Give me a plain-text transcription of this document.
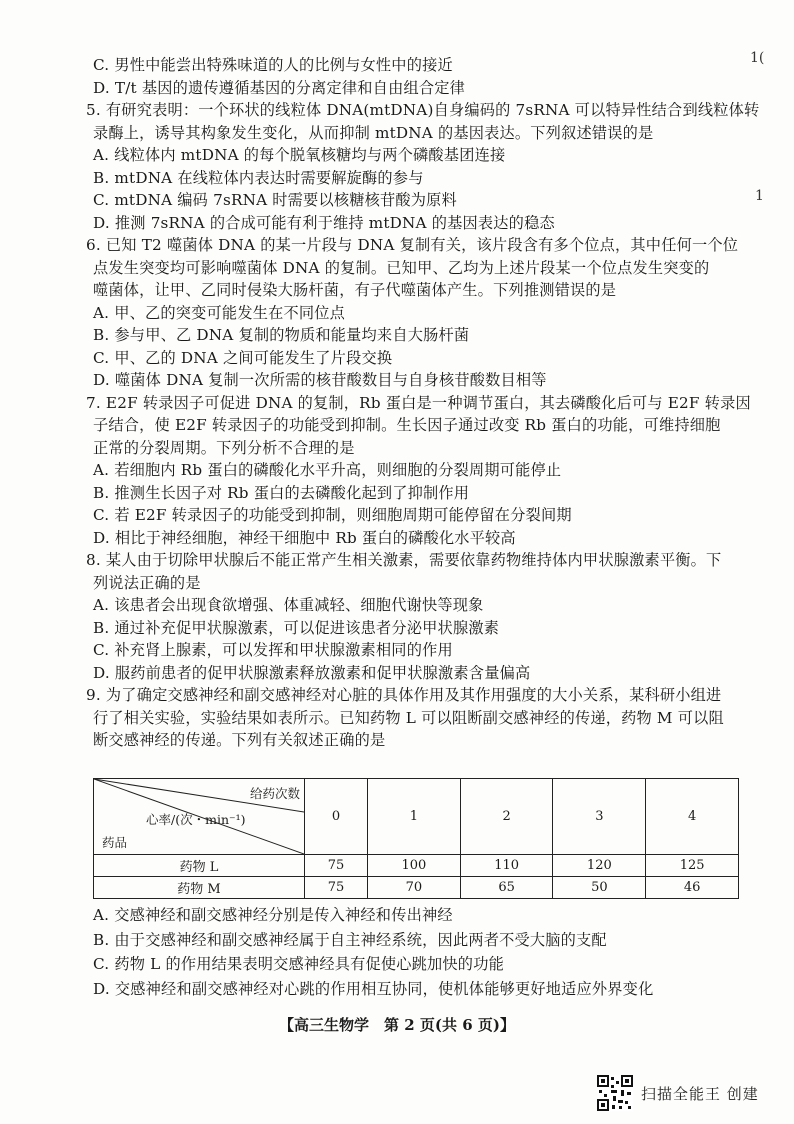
1(
1
C. 男性中能尝出特殊味道的人的比例与女性中的接近
D. T/t 基因的遗传遵循基因的分离定律和自由组合定律
5. 有研究表明：一个环状的线粒体 DNA(mtDNA)自身编码的 7sRNA 可以特异性结合到线粒体转
录酶上，诱导其构象发生变化，从而抑制 mtDNA 的基因表达。下列叙述错误的是
A. 线粒体内 mtDNA 的每个脱氧核糖均与两个磷酸基团连接
B. mtDNA 在线粒体内表达时需要解旋酶的参与
C. mtDNA 编码 7sRNA 时需要以核糖核苷酸为原料
D. 推测 7sRNA 的合成可能有利于维持 mtDNA 的基因表达的稳态
6. 已知 T2 噬菌体 DNA 的某一片段与 DNA 复制有关，该片段含有多个位点，其中任何一个位
点发生突变均可影响噬菌体 DNA 的复制。已知甲、乙均为上述片段某一个位点发生突变的
噬菌体，让甲、乙同时侵染大肠杆菌，有子代噬菌体产生。下列推测错误的是
A. 甲、乙的突变可能发生在不同位点
B. 参与甲、乙 DNA 复制的物质和能量均来自大肠杆菌
C. 甲、乙的 DNA 之间可能发生了片段交换
D. 噬菌体 DNA 复制一次所需的核苷酸数目与自身核苷酸数目相等
7. E2F 转录因子可促进 DNA 的复制，Rb 蛋白是一种调节蛋白，其去磷酸化后可与 E2F 转录因
子结合，使 E2F 转录因子的功能受到抑制。生长因子通过改变 Rb 蛋白的功能，可维持细胞
正常的分裂周期。下列分析不合理的是
A. 若细胞内 Rb 蛋白的磷酸化水平升高，则细胞的分裂周期可能停止
B. 推测生长因子对 Rb 蛋白的去磷酸化起到了抑制作用
C. 若 E2F 转录因子的功能受到抑制，则细胞周期可能停留在分裂间期
D. 相比于神经细胞，神经干细胞中 Rb 蛋白的磷酸化水平较高
8. 某人由于切除甲状腺后不能正常产生相关激素，需要依靠药物维持体内甲状腺激素平衡。下
列说法正确的是
A. 该患者会出现食欲增强、体重减轻、细胞代谢快等现象
B. 通过补充促甲状腺激素，可以促进该患者分泌甲状腺激素
C. 补充肾上腺素，可以发挥和甲状腺激素相同的作用
D. 服药前患者的促甲状腺激素释放激素和促甲状腺激素含量偏高
9. 为了确定交感神经和副交感神经对心脏的具体作用及其作用强度的大小关系，某科研小组进
行了相关实验，实验结果如表所示。已知药物 L 可以阻断副交感神经的传递，药物 M 可以阻
断交感神经的传递。下列有关叙述正确的是
给药次数
心率/(次・min⁻¹)
药品	0	1	2	3	4
药物 L	75	100	110	120	125
药物 M	75	70	65	50	46
A. 交感神经和副交感神经分别是传入神经和传出神经
B. 由于交感神经和副交感神经属于自主神经系统，因此两者不受大脑的支配
C. 药物 L 的作用结果表明交感神经具有促使心跳加快的功能
D. 交感神经和副交感神经对心跳的作用相互协同，使机体能够更好地适应外界变化
【高三生物学　第 2 页(共 6 页)】
扫描全能王 创建
